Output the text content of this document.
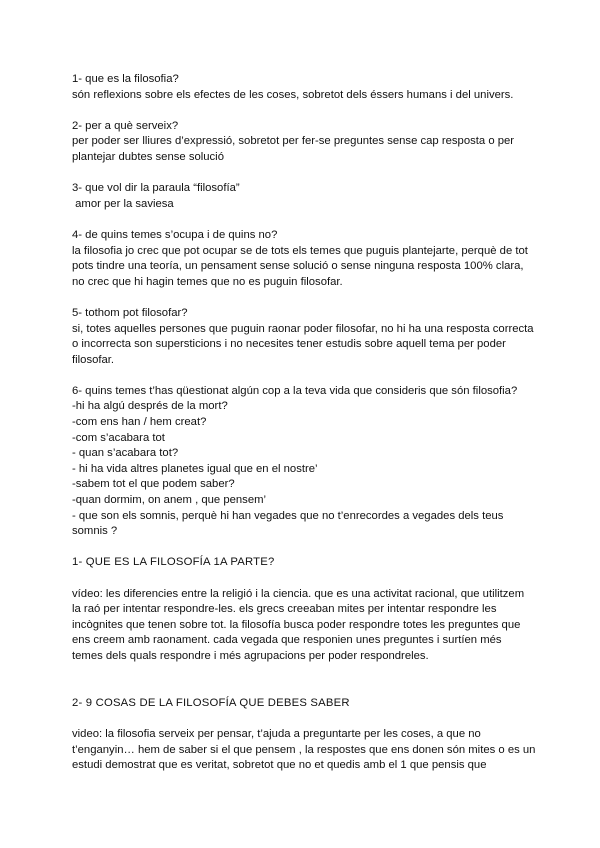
1- que es la filosofia?

són reflexions sobre els efectes de les coses, sobretot dels éssers humans i del univers.

2- per a què serveix?

per poder ser lliures d’expressió, sobretot per fer-se preguntes sense cap resposta o per

plantejar dubtes sense solució

3- que vol dir la paraula “filosofía”

amor per la saviesa

4- de quins temes s’ocupa i de quins no?

la filosofia jo crec que pot ocupar se de tots els temes que puguis plantejarte, perquè de tot

pots tindre una teoría, un pensament sense solució o sense ninguna resposta 100% clara,

no crec que hi hagin temes que no es puguin filosofar.

5- tothom pot filosofar?

si, totes aquelles persones que puguin raonar poder filosofar, no hi ha una resposta correcta

o incorrecta son supersticions i no necesites tener estudis sobre aquell tema per poder

filosofar.

6- quins temes t’has qüestionat algún cop a la teva vida que consideris que són filosofia?

-hi ha algú després de la mort?
-com ens han / hem creat?
-com s’acabara tot
- quan s’acabara tot?
- hi ha vida altres planetes igual que en el nostre’
-sabem tot el que podem saber?
-quan dormim, on anem , que pensem’
- que son els somnis, perquè hi han vegades que no t’enrecordes a vegades dels teus
somnis ?

1- QUE ES LA FILOSOFÍA 1A PARTE?

vídeo: les diferencies entre la religió i la ciencia. que es una activitat racional, que utilitzem

la raó per intentar respondre-les. els grecs creeaban mites per intentar respondre les

incògnites que tenen sobre tot. la filosofía busca poder respondre totes les preguntes que

ens creem amb raonament. cada vegada que responien unes preguntes i surtíen més

temes dels quals respondre i més agrupacions per poder respondreles.

2- 9 COSAS DE LA FILOSOFÍA QUE DEBES SABER

video: la filosofia serveix per pensar, t’ajuda a preguntarte per les coses, a que no

t’enganyin… hem de saber si el que pensem , la respostes que ens donen són mites o es un

estudi demostrat que es veritat, sobretot que no et quedis amb el 1 que pensis que
